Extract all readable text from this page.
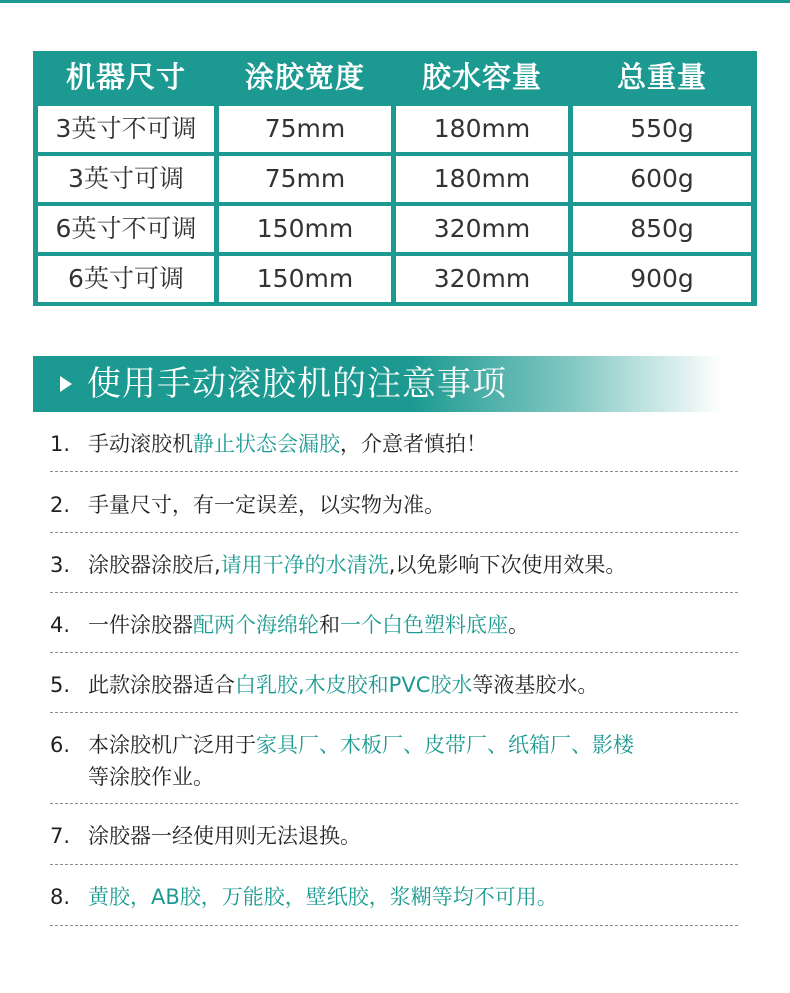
机器尺寸	涂胶宽度	胶水容量	总重量
3英寸不可调	75mm	180mm	550g
3英寸可调	75mm	180mm	600g
6英寸不可调	150mm	320mm	850g
6英寸可调	150mm	320mm	900g
使用手动滚胶机的注意事项
1. 手动滚胶机静止状态会漏胶，介意者慎拍！
2. 手量尺寸，有一定误差，以实物为准。
3. 涂胶器涂胶后,请用干净的水清洗,以免影响下次使用效果。
4. 一件涂胶器配两个海绵轮和一个白色塑料底座。
5. 此款涂胶器适合白乳胶,木皮胶和PVC胶水等液基胶水。
6. 本涂胶机广泛用于家具厂、木板厂、皮带厂、纸箱厂、影楼
等涂胶作业。
7. 涂胶器一经使用则无法退换。
8. 黄胶，AB胶，万能胶，壁纸胶，浆糊等均不可用。
